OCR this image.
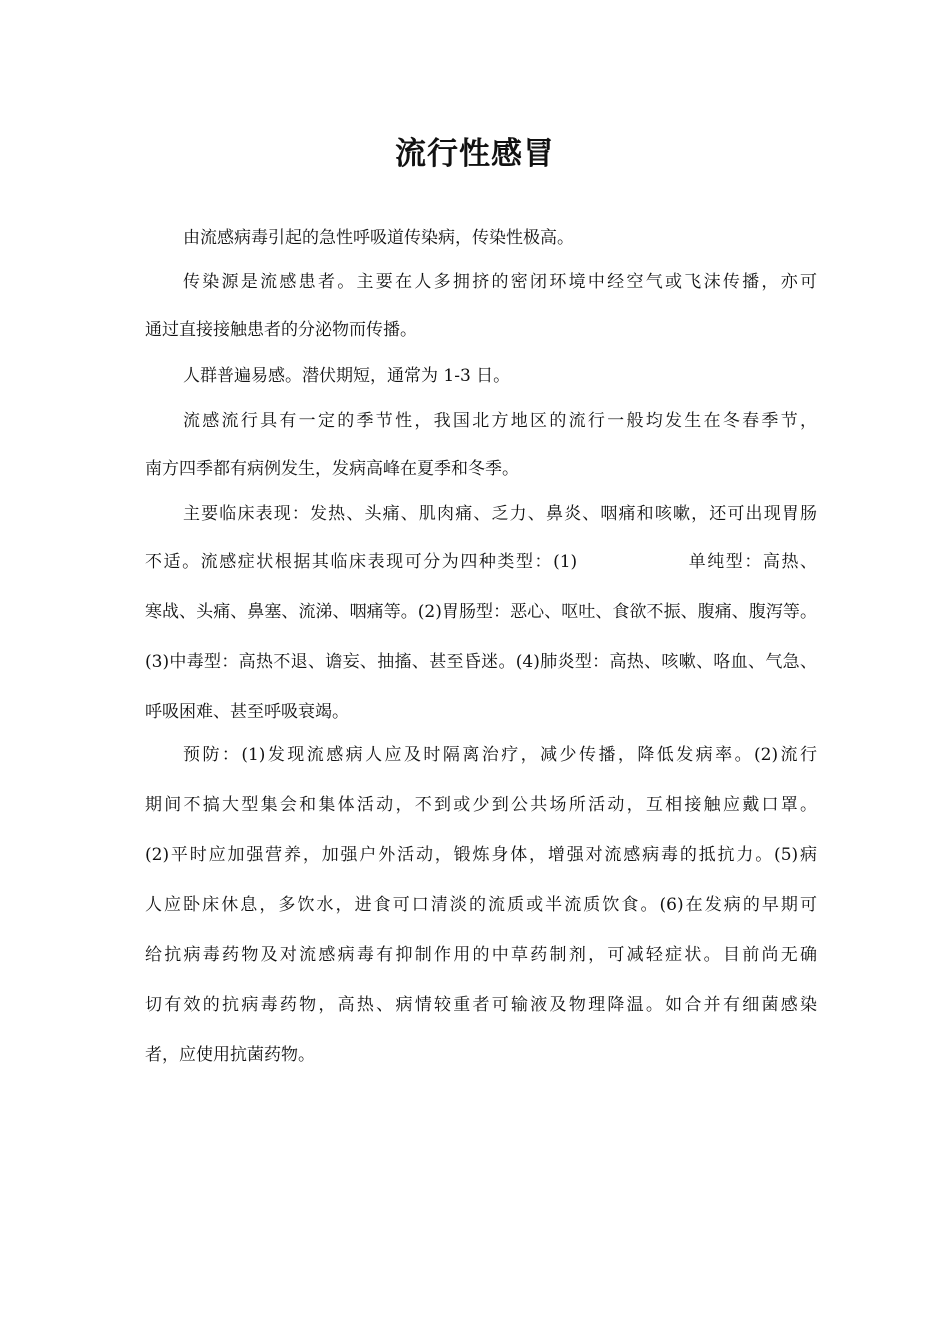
流行性感冒
由流感病毒引起的急性呼吸道传染病，传染性极高。
传染源是流感患者。主要在人多拥挤的密闭环境中经空气或飞沫传播，亦可
通过直接接触患者的分泌物而传播。
人群普遍易感。潜伏期短，通常为 1-3 日。
流感流行具有一定的季节性，我国北方地区的流行一般均发生在冬春季节，
南方四季都有病例发生，发病高峰在夏季和冬季。
主要临床表现：发热、头痛、肌肉痛、乏力、鼻炎、咽痛和咳嗽，还可出现胃肠
不适。流感症状根据其临床表现可分为四种类型：(1)	单纯型：高热、
寒战、头痛、鼻塞、流涕、咽痛等。(2)胃肠型：恶心、呕吐、食欲不振、腹痛、腹泻等。
(3)中毒型：高热不退、谵妄、抽搐、甚至昏迷。(4)肺炎型：高热、咳嗽、咯血、气急、
呼吸困难、甚至呼吸衰竭。
预防：(1)发现流感病人应及时隔离治疗，减少传播，降低发病率。(2)流行
期间不搞大型集会和集体活动，不到或少到公共场所活动，互相接触应戴口罩。
(2)平时应加强营养，加强户外活动，锻炼身体，增强对流感病毒的抵抗力。(5)病
人应卧床休息，多饮水，进食可口清淡的流质或半流质饮食。(6)在发病的早期可
给抗病毒药物及对流感病毒有抑制作用的中草药制剂，可减轻症状。目前尚无确
切有效的抗病毒药物，高热、病情较重者可输液及物理降温。如合并有细菌感染
者，应使用抗菌药物。
